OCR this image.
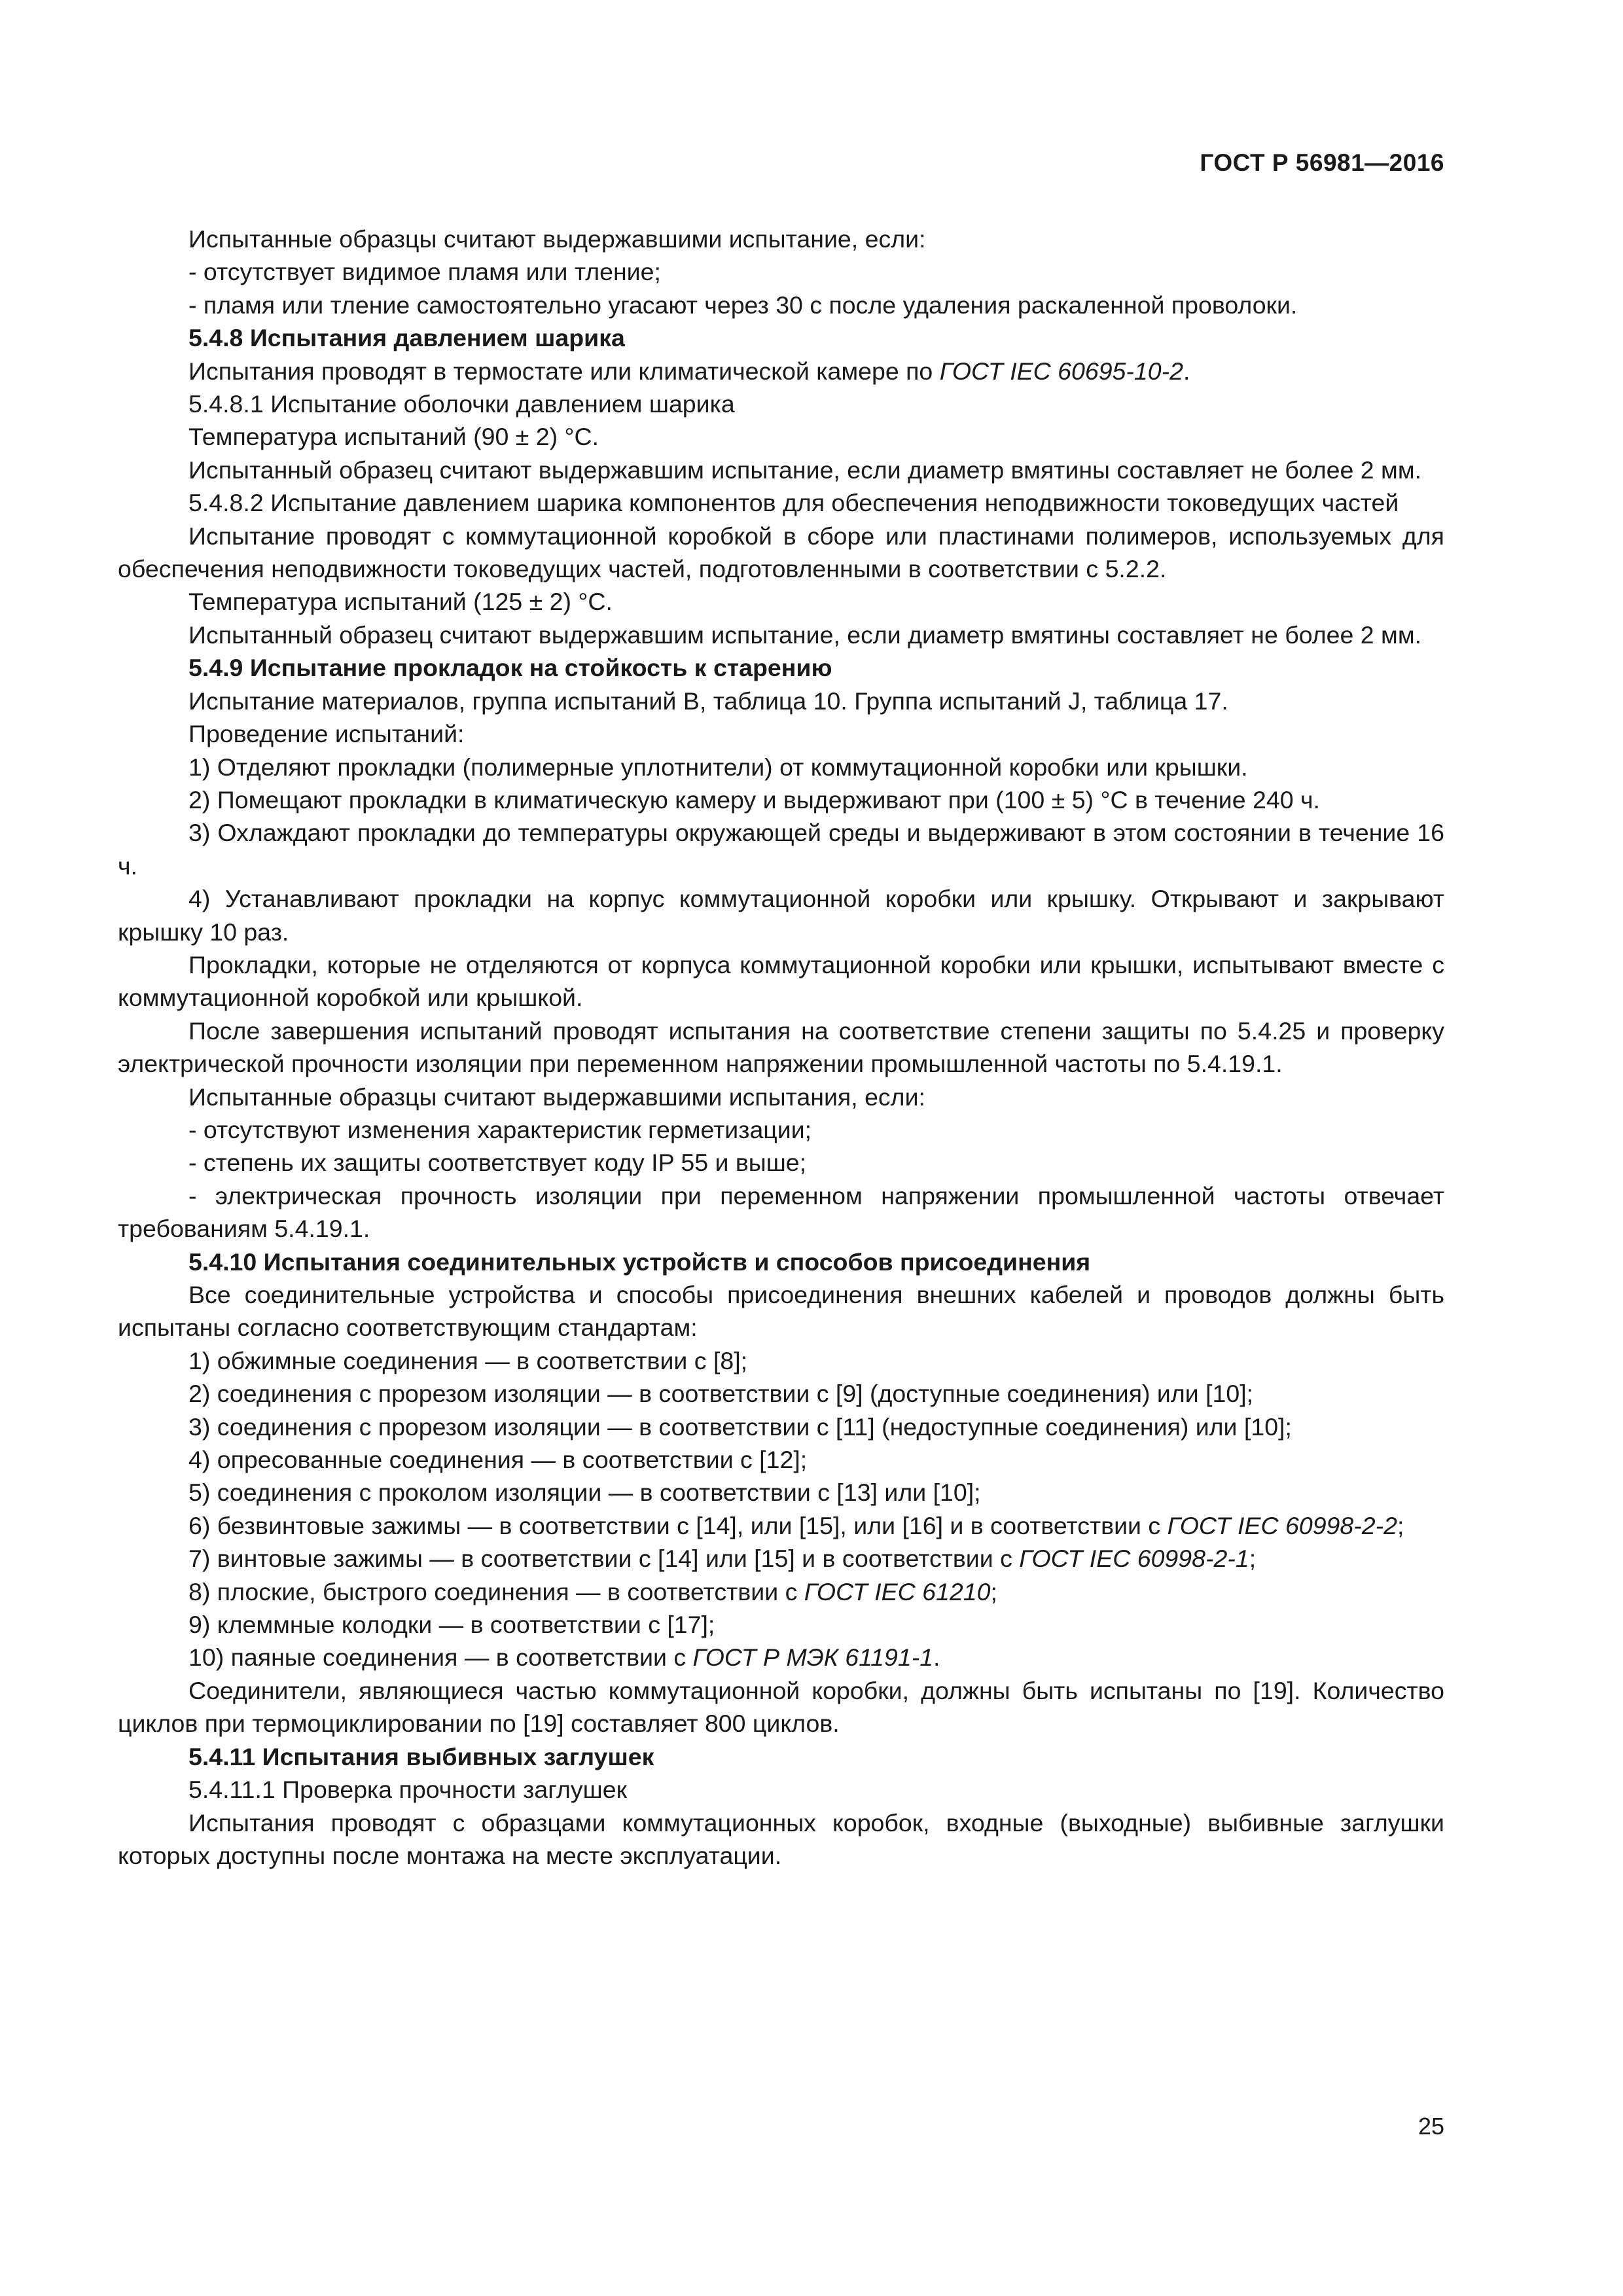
ГОСТ Р 56981—2016

Испытанные образцы считают выдержавшими испытание, если:

- отсутствует видимое пламя или тление;

- пламя или тление самостоятельно угасают через 30 с после удаления раскаленной проволоки.

5.4.8 Испытания давлением шарика

Испытания проводят в термостате или климатической камере по ГОСТ IEC 60695-10-2.

5.4.8.1 Испытание оболочки давлением шарика

Температура испытаний (90 ± 2) °С.

Испытанный образец считают выдержавшим испытание, если диаметр вмятины составляет не более 2 мм.

5.4.8.2 Испытание давлением шарика компонентов для обеспечения неподвижности токоведущих частей

Испытание проводят с коммутационной коробкой в сборе или пластинами полимеров, используемых для обеспечения неподвижности токоведущих частей, подготовленными в соответствии с 5.2.2.

Температура испытаний (125 ± 2) °С.

Испытанный образец считают выдержавшим испытание, если диаметр вмятины составляет не более 2 мм.

5.4.9 Испытание прокладок на стойкость к старению

Испытание материалов, группа испытаний В, таблица 10. Группа испытаний J, таблица 17.

Проведение испытаний:

1) Отделяют прокладки (полимерные уплотнители) от коммутационной коробки или крышки.

2) Помещают прокладки в климатическую камеру и выдерживают при (100 ± 5) °С в течение 240 ч.

3) Охлаждают прокладки до температуры окружающей среды и выдерживают в этом состоянии в течение 16 ч.

4) Устанавливают прокладки на корпус коммутационной коробки или крышку. Открывают и закрывают крышку 10 раз.

Прокладки, которые не отделяются от корпуса коммутационной коробки или крышки, испытывают вместе с коммутационной коробкой или крышкой.

После завершения испытаний проводят испытания на соответствие степени защиты по 5.4.25 и проверку электрической прочности изоляции при переменном напряжении промышленной частоты по 5.4.19.1.

Испытанные образцы считают выдержавшими испытания, если:

- отсутствуют изменения характеристик герметизации;

- степень их защиты соответствует коду IP 55 и выше;

- электрическая прочность изоляции при переменном напряжении промышленной частоты отвечает требованиям 5.4.19.1.

5.4.10 Испытания соединительных устройств и способов присоединения

Все соединительные устройства и способы присоединения внешних кабелей и проводов должны быть испытаны согласно соответствующим стандартам:

1) обжимные соединения — в соответствии с [8];

2) соединения с прорезом изоляции — в соответствии с [9] (доступные соединения) или [10];

3) соединения с прорезом изоляции — в соответствии с [11] (недоступные соединения) или [10];

4) опресованные соединения — в соответствии с [12];

5) соединения с проколом изоляции — в соответствии с [13] или [10];

6) безвинтовые зажимы — в соответствии с [14], или [15], или [16] и в соответствии с ГОСТ IEC 60998-2-2;

7) винтовые зажимы — в соответствии с [14] или [15] и в соответствии с ГОСТ IEC 60998-2-1;

8) плоские, быстрого соединения — в соответствии с ГОСТ IEC 61210;

9) клеммные колодки — в соответствии с [17];

10) паяные соединения — в соответствии с ГОСТ Р МЭК 61191-1.

Соединители, являющиеся частью коммутационной коробки, должны быть испытаны по [19]. Количество циклов при термоциклировании по [19] составляет 800 циклов.

5.4.11 Испытания выбивных заглушек

5.4.11.1 Проверка прочности заглушек

Испытания проводят с образцами коммутационных коробок, входные (выходные) выбивные заглушки которых доступны после монтажа на месте эксплуатации.

25
